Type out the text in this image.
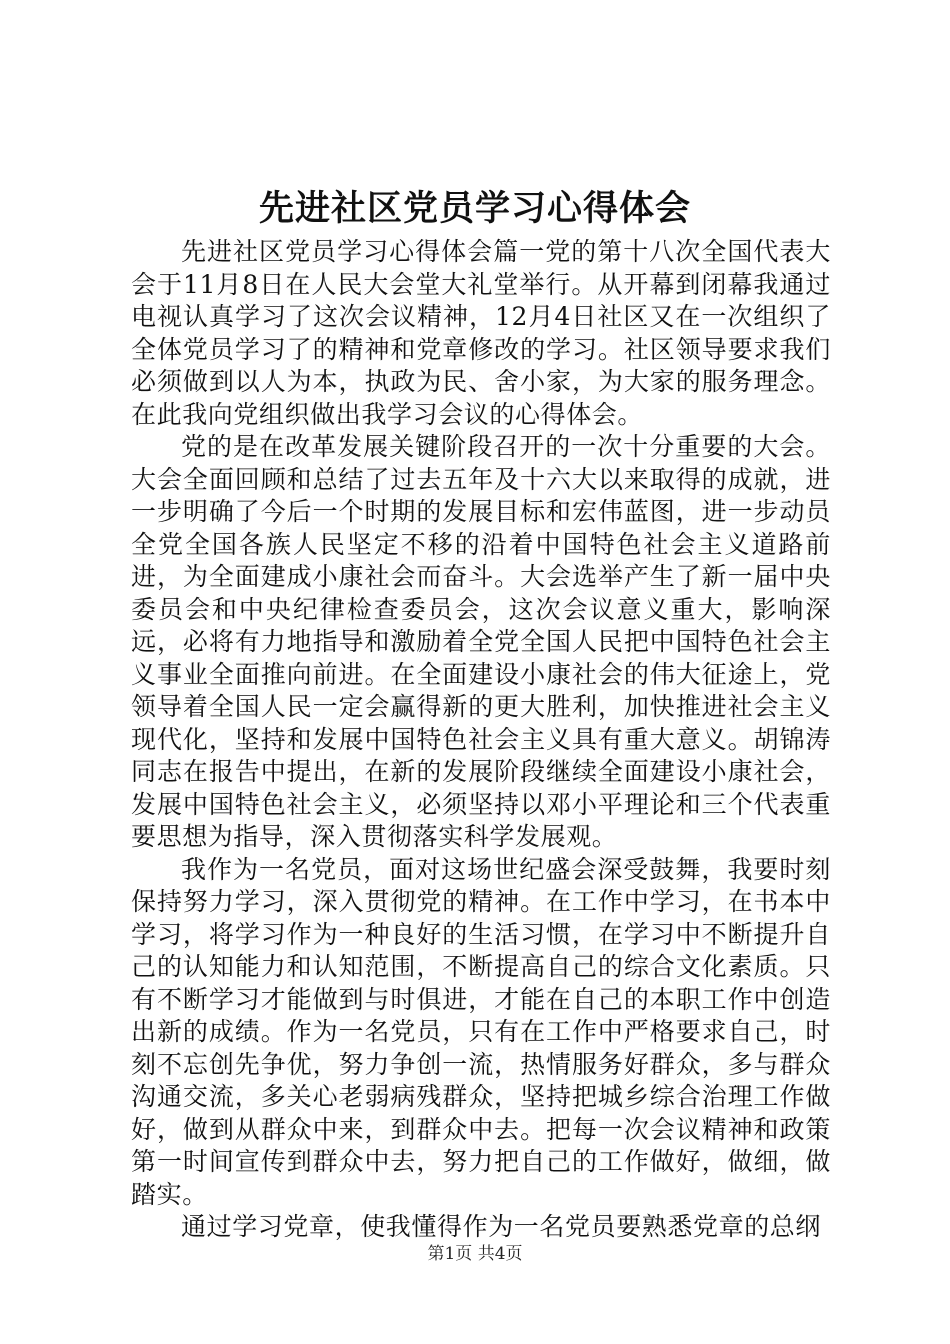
先进社区党员学习心得体会

先进社区党员学习心得体会篇一党的第十八次全国代表大会于11月8日在人民大会堂大礼堂举行。从开幕到闭幕我通过电视认真学习了这次会议精神，12月4日社区又在一次组织了全体党员学习了的精神和党章修改的学习。社区领导要求我们必须做到以人为本，执政为民、舍小家，为大家的服务理念。在此我向党组织做出我学习会议的心得体会。

党的是在改革发展关键阶段召开的一次十分重要的大会。大会全面回顾和总结了过去五年及十六大以来取得的成就，进一步明确了今后一个时期的发展目标和宏伟蓝图，进一步动员全党全国各族人民坚定不移的沿着中国特色社会主义道路前进，为全面建成小康社会而奋斗。大会选举产生了新一届中央委员会和中央纪律检查委员会，这次会议意义重大，影响深远，必将有力地指导和激励着全党全国人民把中国特色社会主义事业全面推向前进。在全面建设小康社会的伟大征途上，党领导着全国人民一定会赢得新的更大胜利，加快推进社会主义现代化，坚持和发展中国特色社会主义具有重大意义。胡锦涛同志在报告中提出，在新的发展阶段继续全面建设小康社会，发展中国特色社会主义，必须坚持以邓小平理论和三个代表重要思想为指导，深入贯彻落实科学发展观。

我作为一名党员，面对这场世纪盛会深受鼓舞，我要时刻保持努力学习，深入贯彻党的精神。在工作中学习，在书本中学习，将学习作为一种良好的生活习惯，在学习中不断提升自己的认知能力和认知范围，不断提高自己的综合文化素质。只有不断学习才能做到与时俱进，才能在自己的本职工作中创造出新的成绩。作为一名党员，只有在工作中严格要求自己，时刻不忘创先争优，努力争创一流，热情服务好群众，多与群众沟通交流，多关心老弱病残群众，坚持把城乡综合治理工作做好，做到从群众中来，到群众中去。把每一次会议精神和政策第一时间宣传到群众中去，努力把自己的工作做好，做细，做踏实。

通过学习党章，使我懂得作为一名党员要熟悉党章的总纲

第1页 共4页
